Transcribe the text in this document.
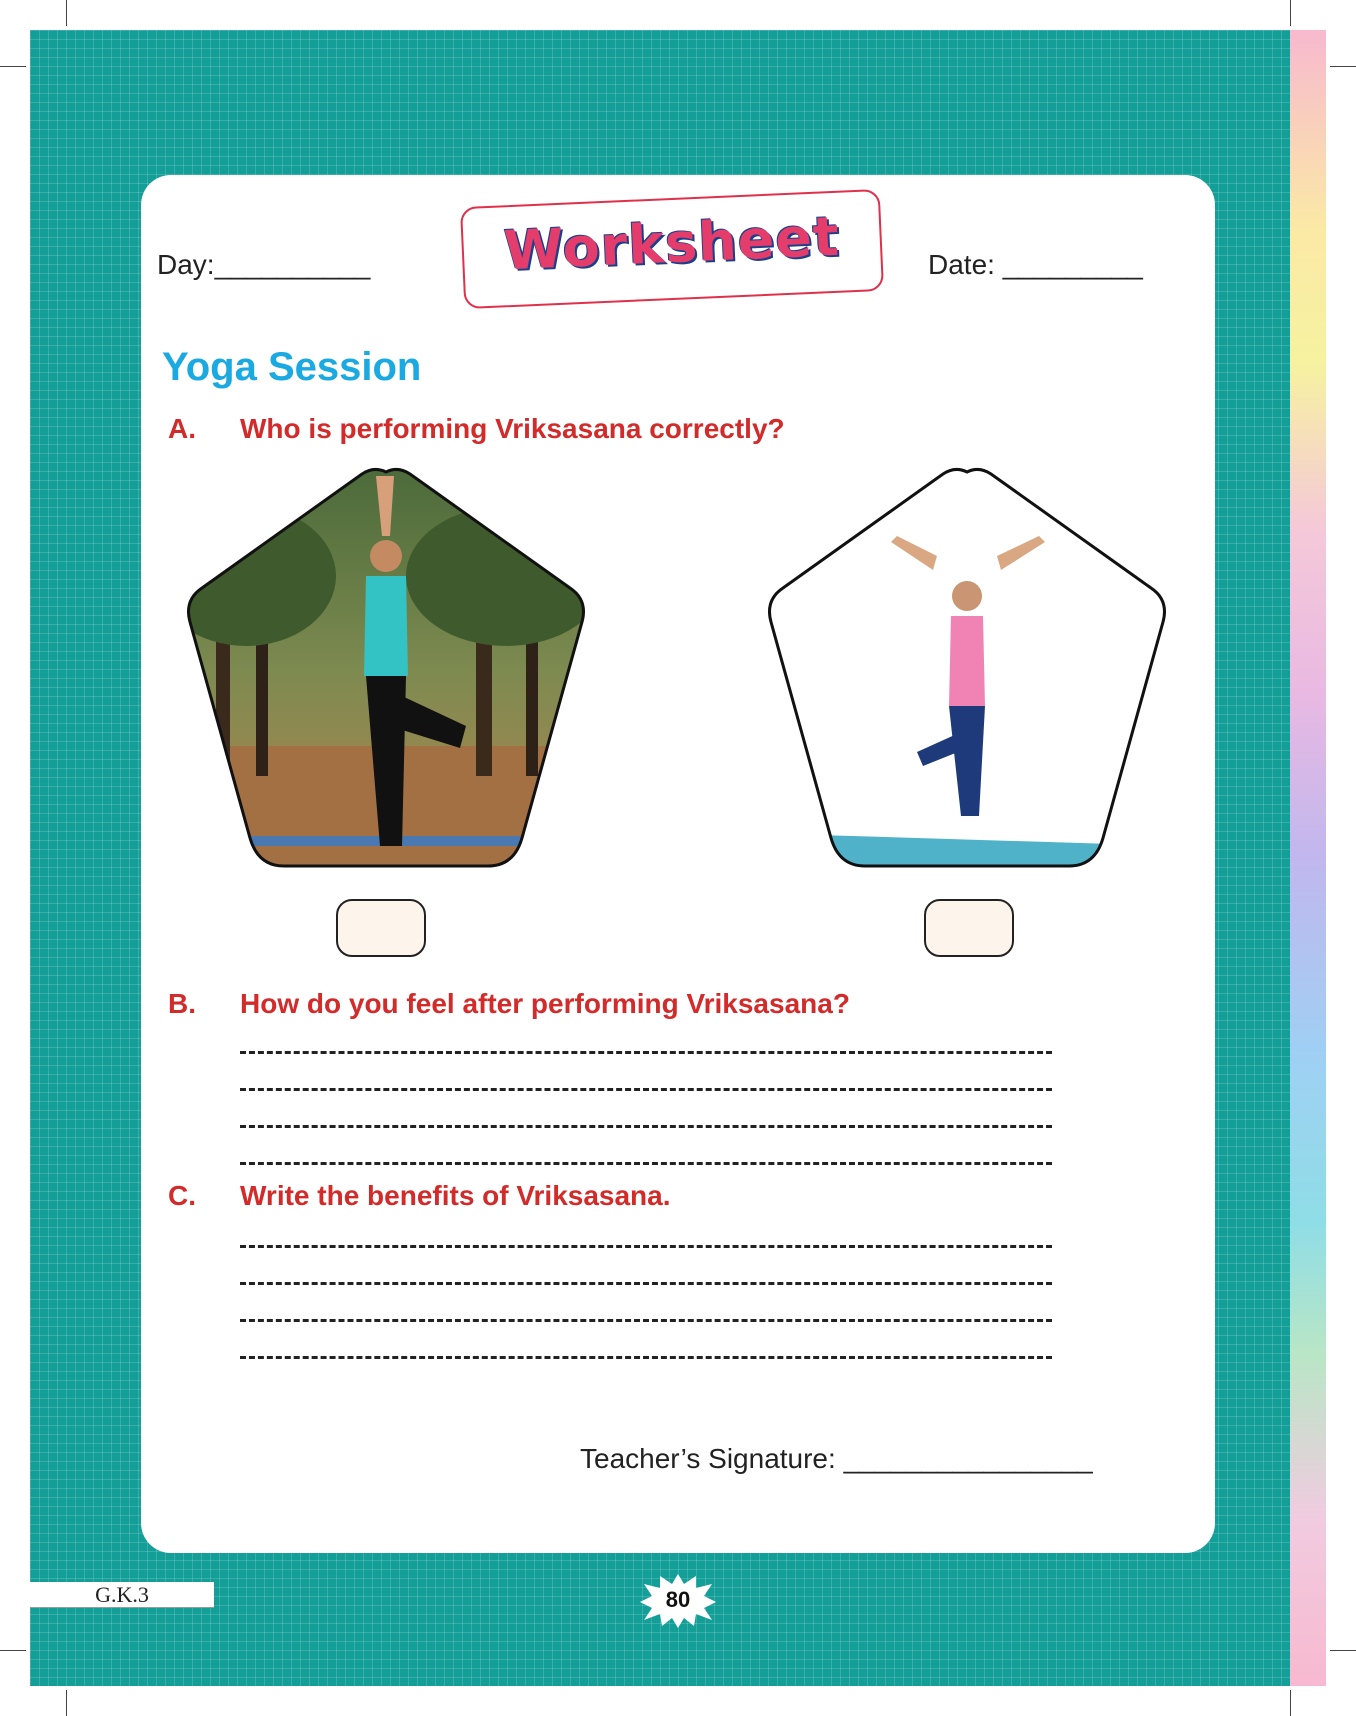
Day:__________	Date: _________
Worksheet
Yoga Session
A. Who is performing Vriksasana correctly?
B. How do you feel after performing Vriksasana?
C. Write the benefits of Vriksasana.
Teacher’s Signature: ________________
G.K.3	80
